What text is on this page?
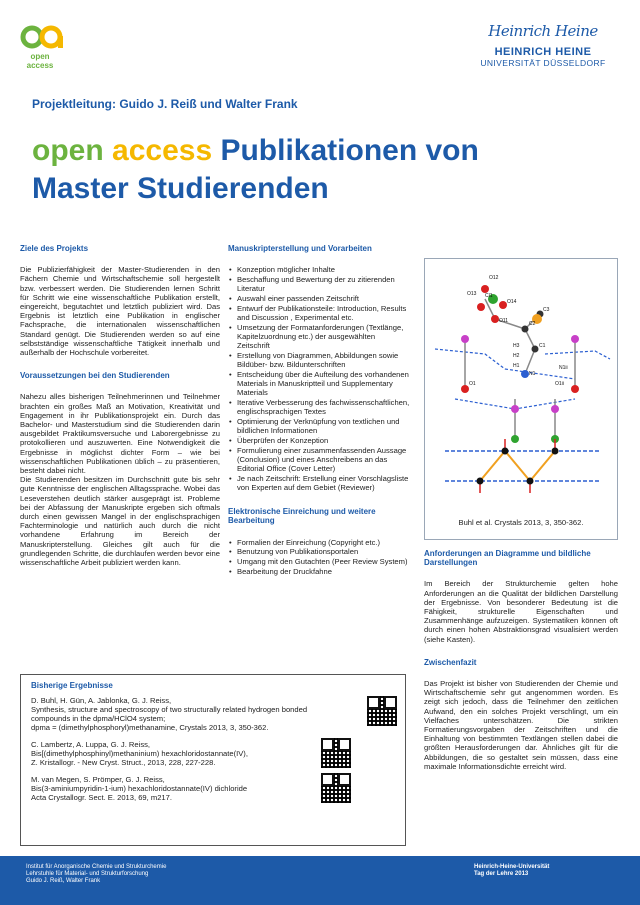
open access
Heinrich Heine
HEINRICH HEINE
UNIVERSITÄT DÜSSELDORF
Projektleitung: Guido J. Reiß und Walter Frank
open access Publikationen von
Master Studierenden
Ziele des Projekts

Die Publizierfähigkeit der Master-Studierenden in den Fächern Chemie und Wirtschaftschemie soll hergestellt bzw. verbessert werden. Die Studierenden lernen Schritt für Schritt wie eine wissenschaftliche Publikation erstellt, eingereicht, begutachtet und letztlich publiziert wird. Das Ergebnis ist letztlich eine Publikation in englischer Fachsprache, die internationalen wissenschaftlichen Standard genügt. Die Studierenden werden so auf eine selbstständige wissenschaftliche Tätigkeit innerhalb und außerhalb der Hochschule vorbereitet.

Voraussetzungen bei den Studierenden

Nahezu alles bisherigen Teilnehmerinnen und Teilnehmer brachten ein großes Maß an Motivation, Kreativität und Engagement in ihr Publikationsprojekt ein. Durch das Bachelor- und Masterstudium sind die Studierenden darin ausgebildet Praktikumsversuche und Laborergebnisse zu protokollieren und auszuwerten. Eine Notwendigkeit die Ergebnisse in möglichst dichter Form – wie bei wissenschaftlichen Publikationen üblich – zu präsentieren, besteht dabei nicht.

Die Studierenden besitzen im Durchschnitt gute bis sehr gute Kenntnisse der englischen Alltagssprache. Wobei das Leseverstehen deutlich stärker ausgeprägt ist. Probleme bei der Abfassung der Manuskripte ergeben sich oftmals durch einen gewissen Mangel in der englischsprachigen Fachterminologie und natürlich auch durch die nicht vorhandene Erfahrung im Bereich der Manuskripterstellung. Gleiches gilt auch für die grundlegenden Schritte, die durchlaufen werden bevor eine wissenschaftliche Arbeit publiziert werden kann.

Manuskripterstellung und Vorarbeiten
• Konzeption möglicher Inhalte
• Beschaffung und Bewertung der zu zitierenden Literatur
• Auswahl einer passenden Zeitschrift
• Entwurf der Publikationsteile: Introduction, Results and Discussion , Experimental etc.
• Umsetzung der Formatanforderungen (Textlänge, Kapitelzuordnung etc.) der ausgewählten Zeitschrift
• Erstellung von Diagrammen, Abbildungen sowie Bildüber- bzw. Bildunterschriften
• Entscheidung über die Aufteilung des vorhandenen Materials in Manuskriptteil und Supplementary Materials
• Iterative Verbesserung des fachwissenschaftlichen, englischsprachigen Textes
• Optimierung der Verknüpfung von textlichen und bildlichen Informationen
• Überprüfen der Konzeption
• Formulierung einer zusammenfassenden Aussage (Conclusion) und eines Anschreibens an das Editorial Office (Cover Letter)
• Je nach Zeitschrift: Erstellung einer Vorschlagsliste von Experten auf dem Gebiet (Reviewer)
Elektronische Einreichung und weitere Bearbeitung
• Formalien der Einreichung (Copyright etc.)
• Benutzung von Publikationsportalen
• Umgang mit den Gutachten (Peer Review System)
• Bearbeitung der Druckfahne
O12
Cl1
O13
O14
O11
C3
C2
C1
H3
H2
H1
N1
O1	O1ii
N1ii
Buhl et al. Crystals 2013, 3, 350-362.
Anforderungen an Diagramme und bildliche Darstellungen

Im Bereich der Strukturchemie gelten hohe Anforderungen an die Qualität der bildlichen Darstellung der Ergebnisse. Von besonderer Bedeutung ist die Fähigkeit, strukturelle Eigenschaften und Zusammenhänge aufzuzeigen. Systematiken können oft durch einen hohen Abstraktionsgrad visualisiert werden (siehe Kasten).

Zwischenfazit

Das Projekt ist bisher von Studierenden der Chemie und Wirtschaftschemie sehr gut angenommen worden. Es zeigt sich jedoch, dass die Teilnehmer den zeitlichen Aufwand, den ein solches Projekt verschlingt, um ein Vielfaches unterschätzen. Die strikten Formatierungsvorgaben der Zeitschriften und die Einhaltung von bestimmten Textlängen stellen dabei die größten Herausforderungen dar. Ähnliches gilt für die Abbildungen, die so gestaltet sein müssen, dass eine maximale Informationsdichte erreicht wird.

Bisherige Ergebnisse
D. Buhl, H. Gün, A. Jablonka, G. J. Reiss,
Synthesis, structure and spectroscopy of two structurally related hydrogen bonded compounds in the dpma/HClO4 system;
dpma = (dimethylphosphoryl)methanamine, Crystals 2013, 3, 350-362.
C. Lambertz, A. Luppa, G. J. Reiss,
Bis[(dimethylphosphinyl)methaninium) hexachloridostannate(IV),
Z. Kristallogr. - New Cryst. Struct., 2013, 228, 227-228.
M. van Megen, S. Prömper, G. J. Reiss,
Bis(3-aminiumpyridin-1-ium) hexachloridostannate(IV) dichloride
Acta Crystallogr. Sect. E. 2013, 69, m217.
Institut für Anorganische Chemie und Strukturchemie
Lehrstuhle für Material- und Strukturforschung
Guido J. Reiß, Walter Frank
Heinrich-Heine-Universität
Tag der Lehre 2013
